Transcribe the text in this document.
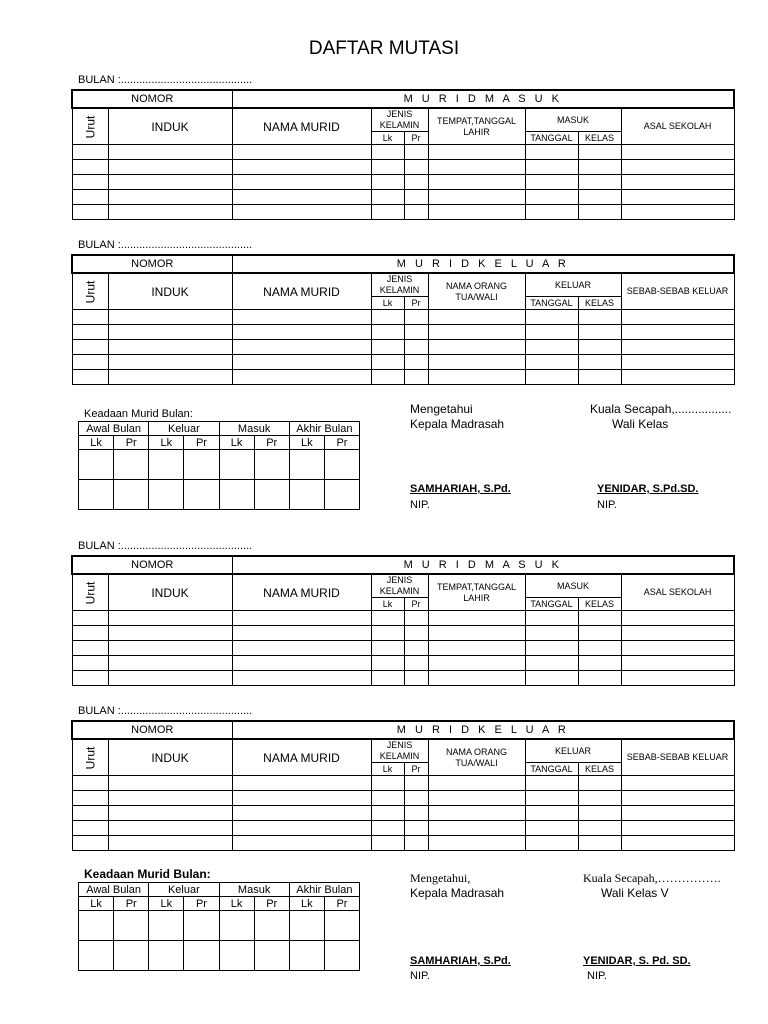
DAFTAR MUTASI
BULAN :...........................................
NOMOR		M U R I D M A S U K						
Urut	INDUK	NAMA MURID	JENIS KELAMIN		TEMPAT,TANGGAL LAHIR	MASUK		ASAL SEKOLAH
			Lk	Pr		TANGGAL	KELAS	

BULAN :...........................................
NOMOR		M U R I D K E L U A R						
Urut	INDUK	NAMA MURID	JENIS KELAMIN		NAMA ORANG TUA/WALI	KELUAR		SEBAB-SEBAB KELUAR
			Lk	Pr		TANGGAL	KELAS	

Keadaan Murid Bulan:
Awal Bulan		Keluar		Masuk		Akhir Bulan	
Lk	Pr	Lk	Pr	Lk	Pr	Lk	Pr

Mengetahui
Kepala Madrasah
Kuala Secapah,.................
Wali Kelas
SAMHARIAH, S.Pd.	YENIDAR, S.Pd.SD.
NIP.	NIP.
BULAN :...........................................
NOMOR		M U R I D M A S U K						
Urut	INDUK	NAMA MURID	JENIS KELAMIN		TEMPAT,TANGGAL LAHIR	MASUK		ASAL SEKOLAH
			Lk	Pr		TANGGAL	KELAS	

BULAN :...........................................
NOMOR		M U R I D K E L U A R						
Urut	INDUK	NAMA MURID	JENIS KELAMIN		NAMA ORANG TUA/WALI	KELUAR		SEBAB-SEBAB KELUAR
			Lk	Pr		TANGGAL	KELAS	

Keadaan Murid Bulan:
Awal Bulan		Keluar		Masuk		Akhir Bulan	
Lk	Pr	Lk	Pr	Lk	Pr	Lk	Pr

Mengetahui,
Kepala Madrasah
Kuala Secapah,…………….
Wali Kelas V
SAMHARIAH, S.Pd.	YENIDAR, S. Pd. SD.
NIP.	NIP.
